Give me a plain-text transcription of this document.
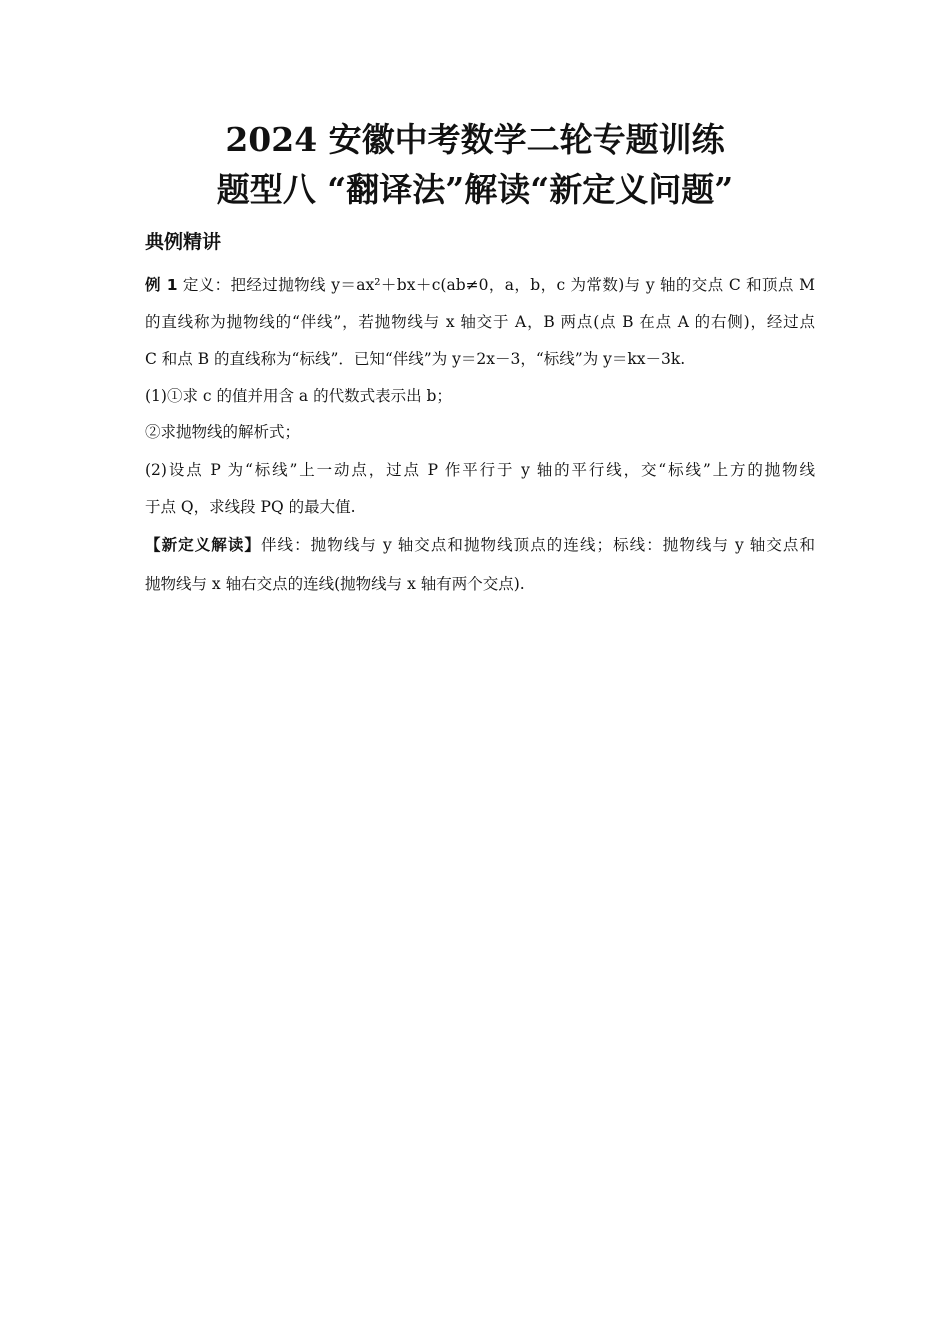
2024 安徽中考数学二轮专题训练
题型八 “翻译法”解读“新定义问题”
典例精讲

例 1 定义：把经过抛物线 y＝ax²＋bx＋c(ab≠0，a，b，c 为常数)与 y 轴的交点 C 和顶点 M

的直线称为抛物线的“伴线”，若抛物线与 x 轴交于 A，B 两点(点 B 在点 A 的右侧)，经过点

C 和点 B 的直线称为“标线”．已知“伴线”为 y＝2x－3，“标线”为 y＝kx－3k.

(1)①求 c 的值并用含 a 的代数式表示出 b；

②求抛物线的解析式；

(2)设点 P 为“标线”上一动点，过点 P 作平行于 y 轴的平行线，交“标线”上方的抛物线

于点 Q，求线段 PQ 的最大值.

【新定义解读】伴线：抛物线与 y 轴交点和抛物线顶点的连线；标线：抛物线与 y 轴交点和

抛物线与 x 轴右交点的连线(抛物线与 x 轴有两个交点).
